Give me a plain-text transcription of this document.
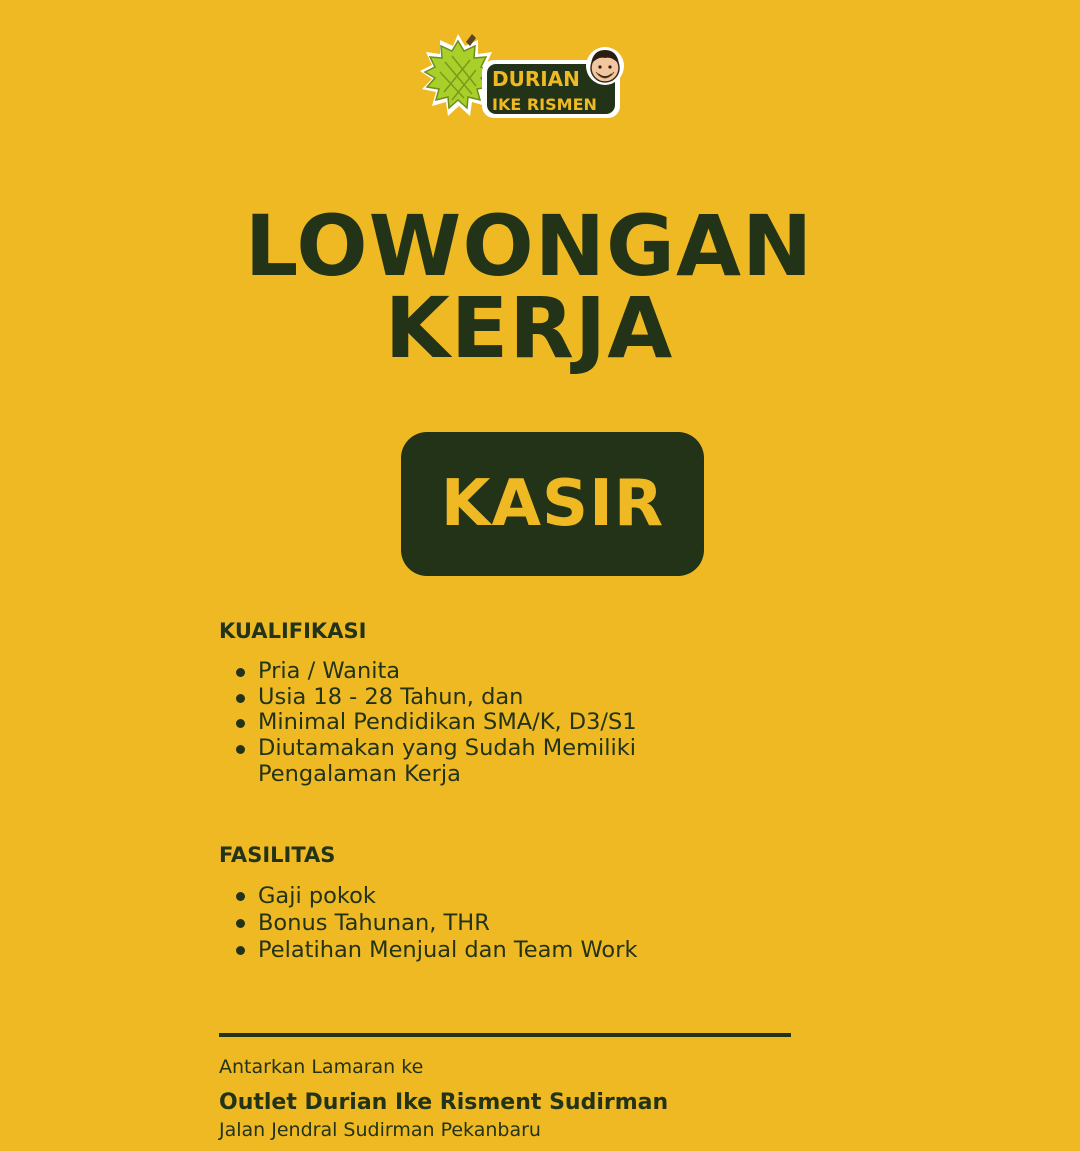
DURIAN
IKE RISMEN
LOWONGAN
KERJA
KASIR
KUALIFIKASI
Pria / Wanita
Usia 18 - 28 Tahun, dan
Minimal Pendidikan SMA/K, D3/S1
Diutamakan yang Sudah Memiliki Pengalaman Kerja
FASILITAS
Gaji pokok
Bonus Tahunan, THR
Pelatihan Menjual dan Team Work
Antarkan Lamaran ke
Outlet Durian Ike Risment Sudirman
Jalan Jendral Sudirman Pekanbaru
